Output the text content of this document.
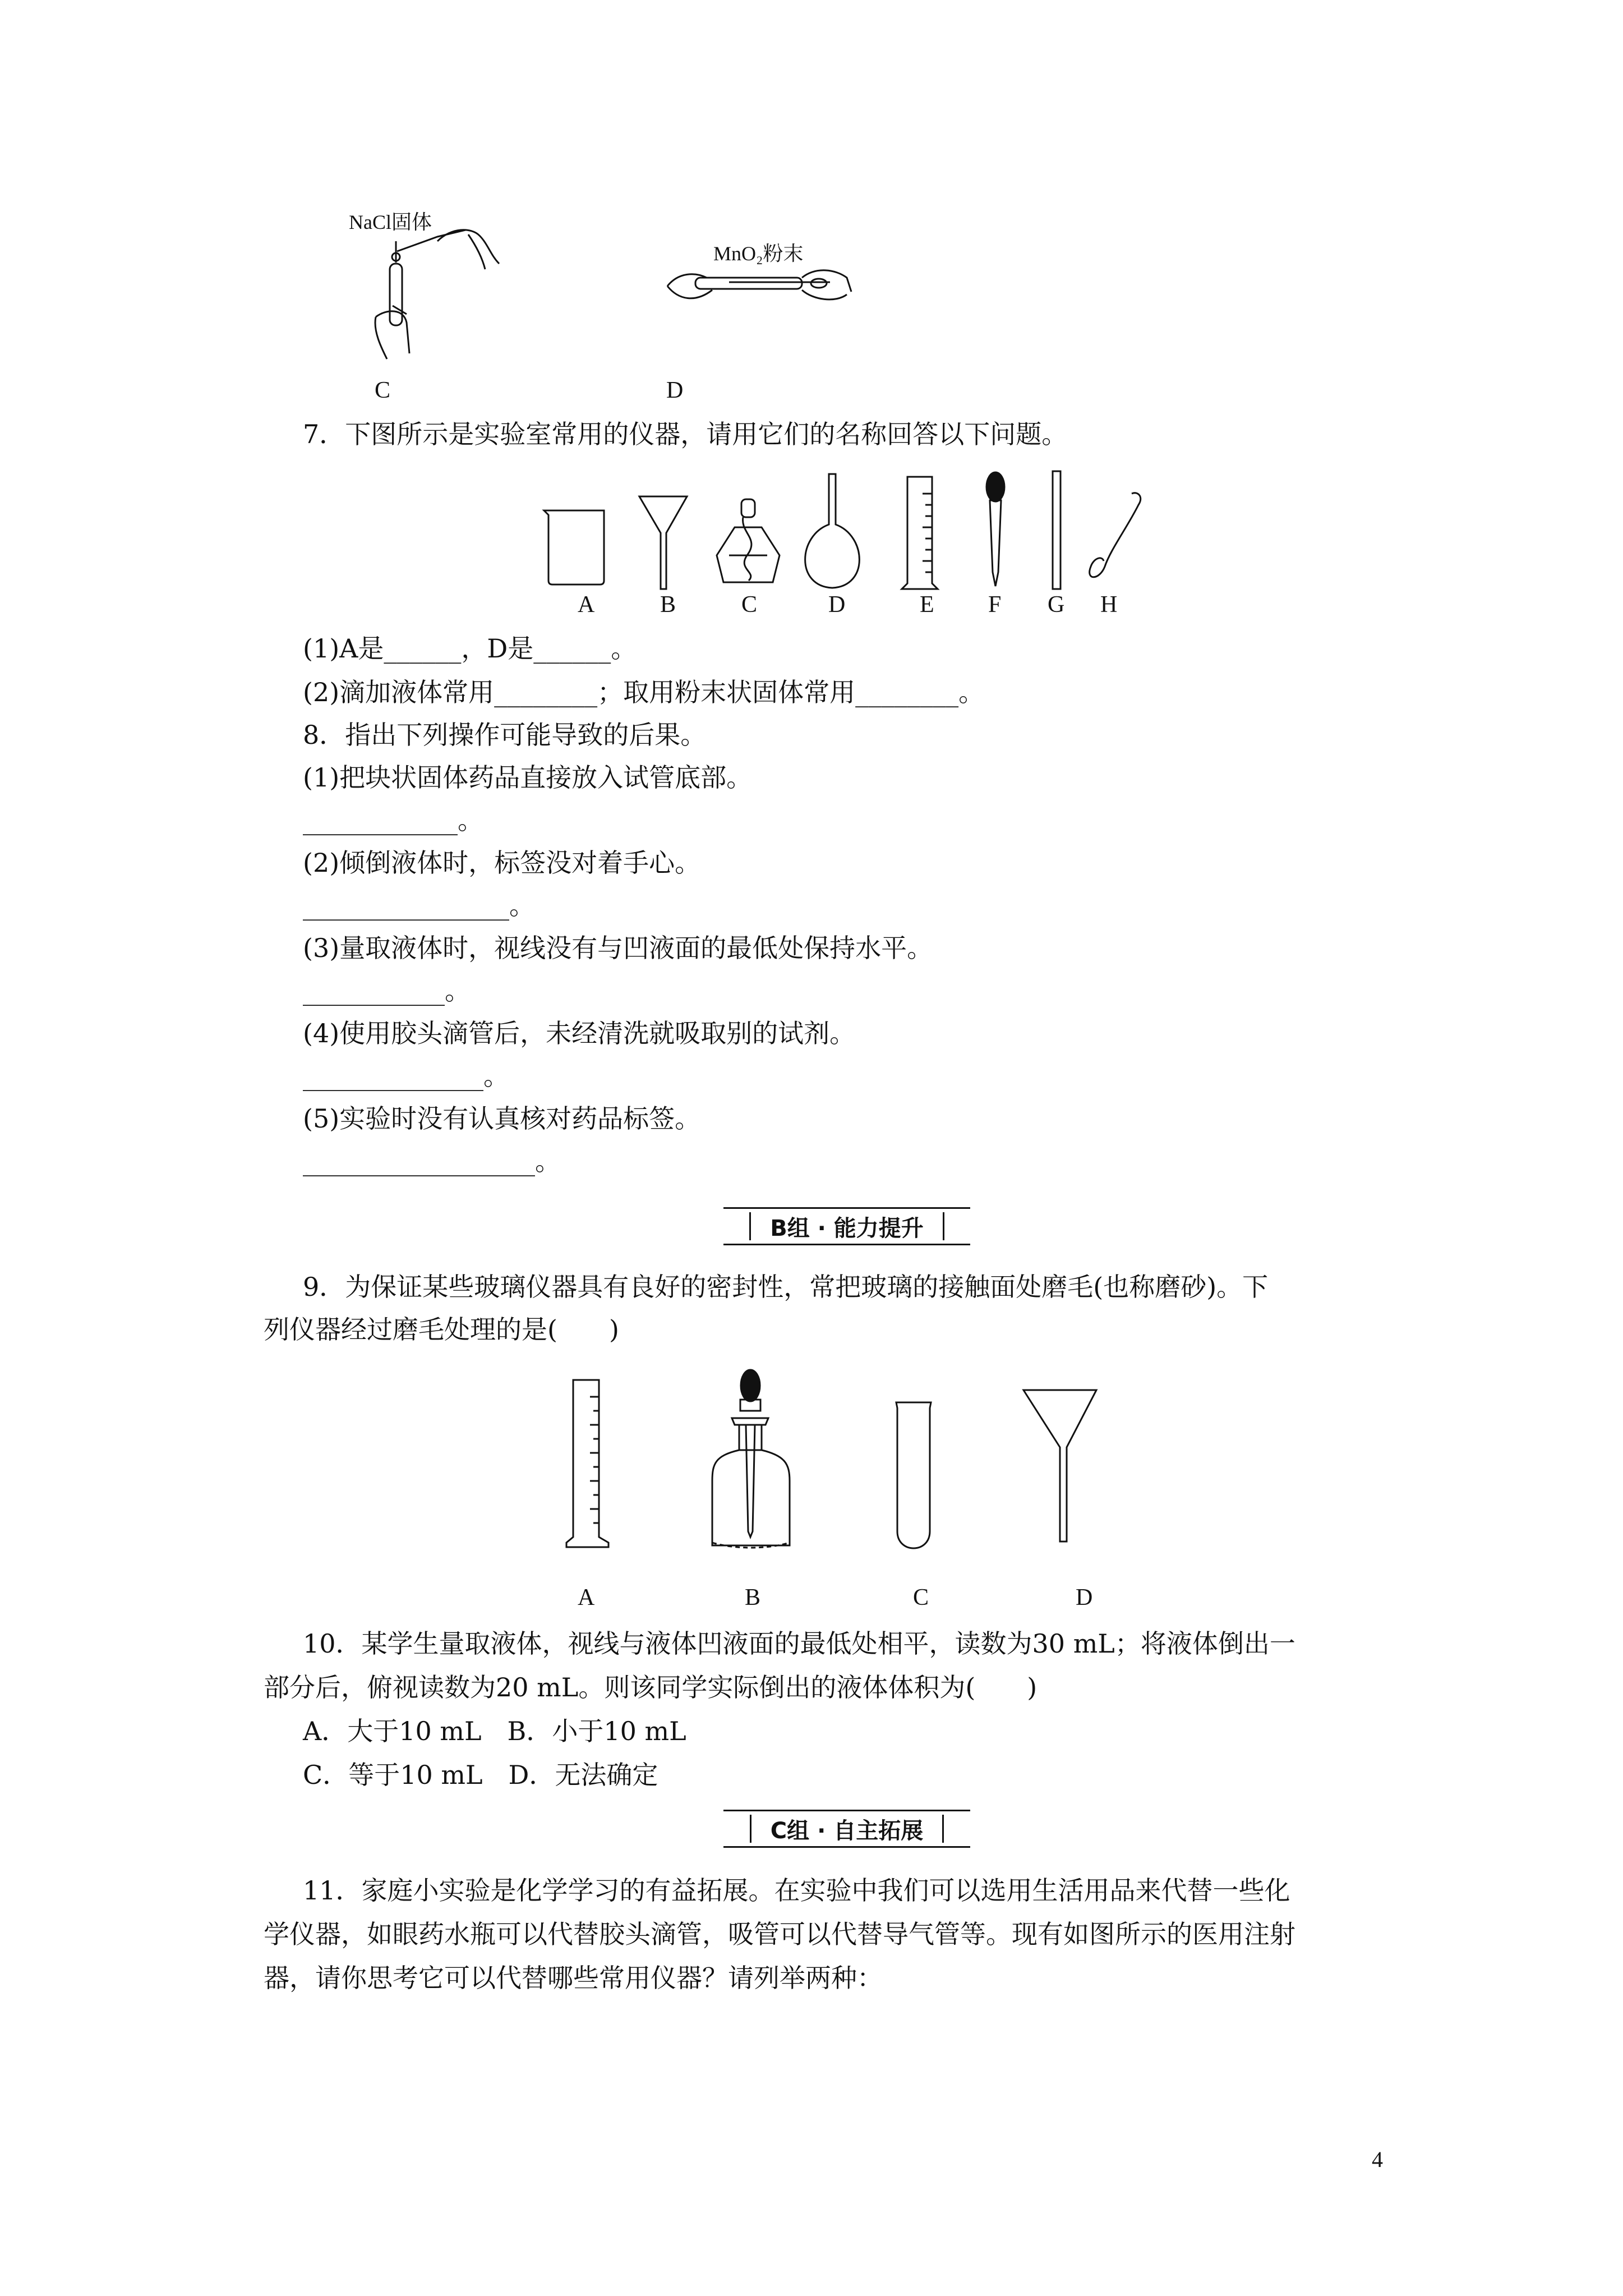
NaCl固体
C
MnO₂粉末
D
7．下图所示是实验室常用的仪器，请用它们的名称回答以下问题。
A	B	C	D	E F G H
(1)A是______，D是______。
(2)滴加液体常用________；取用粉末状固体常用________。
8．指出下列操作可能导致的后果。
(1)把块状固体药品直接放入试管底部。
____________。
(2)倾倒液体时，标签没对着手心。
________________。
(3)量取液体时，视线没有与凹液面的最低处保持水平。
___________。
(4)使用胶头滴管后，未经清洗就吸取别的试剂。
______________。
(5)实验时没有认真核对药品标签。
__________________。
B组 · 能力提升
9．为保证某些玻璃仪器具有良好的密封性，常把玻璃的接触面处磨毛(也称磨砂)。下
列仪器经过磨毛处理的是(　　)
A	B	C	D
10．某学生量取液体，视线与液体凹液面的最低处相平，读数为30 mL；将液体倒出一
部分后，俯视读数为20 mL。则该同学实际倒出的液体体积为(　　)
A．大于10 mL　B．小于10 mL
C．等于10 mL　D．无法确定
C组 · 自主拓展
11．家庭小实验是化学学习的有益拓展。在实验中我们可以选用生活用品来代替一些化
学仪器，如眼药水瓶可以代替胶头滴管，吸管可以代替导气管等。现有如图所示的医用注射
器，请你思考它可以代替哪些常用仪器？请列举两种：
4
